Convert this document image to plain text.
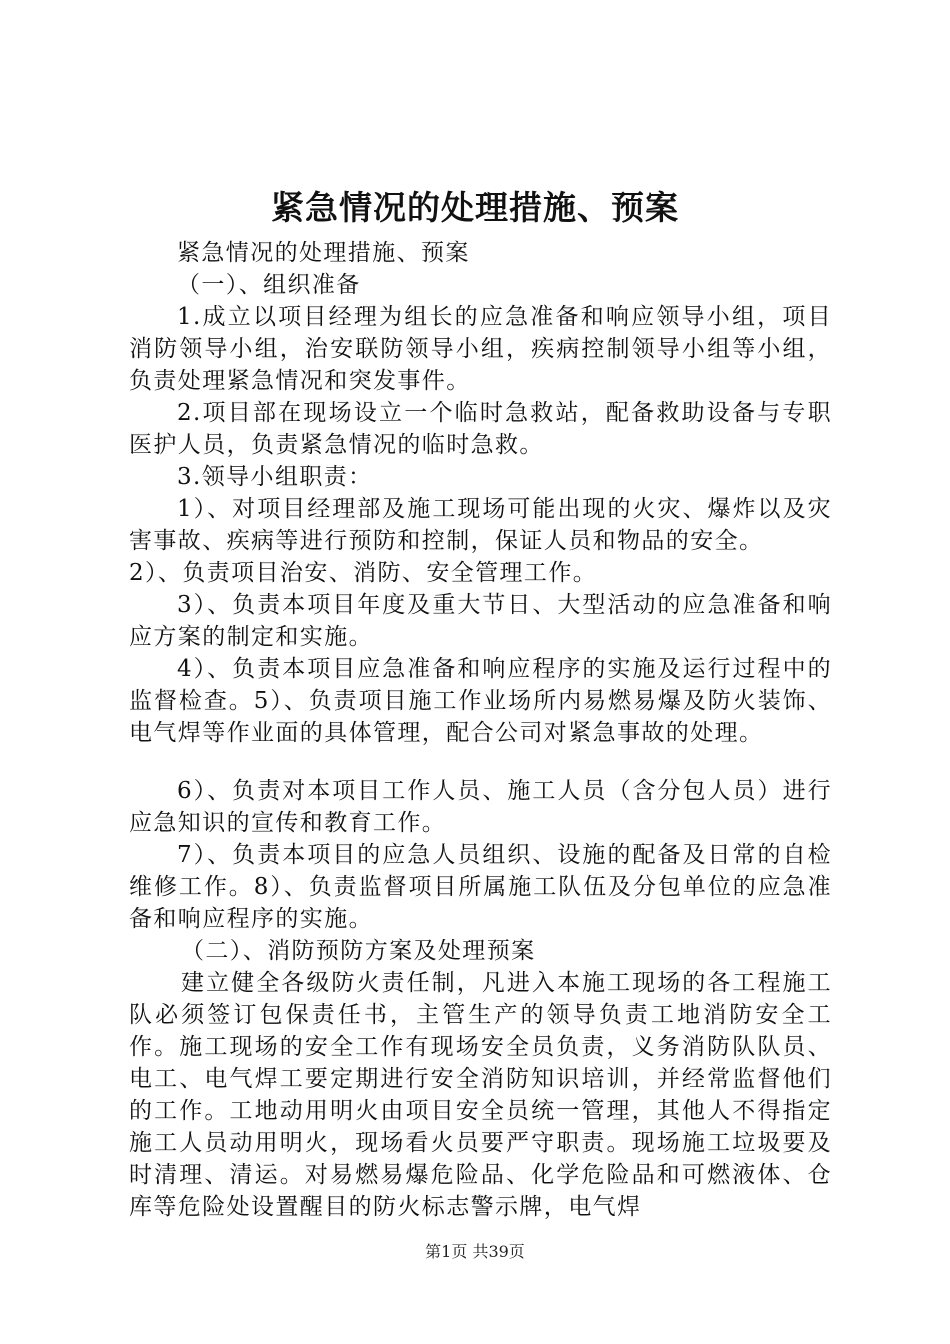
紧急情况的处理措施、预案

紧急情况的处理措施、预案

（一）、组织准备

1.成立以项目经理为组长的应急准备和响应领导小组，项目消防领导小组，治安联防领导小组，疾病控制领导小组等小组，负责处理紧急情况和突发事件。

2.项目部在现场设立一个临时急救站，配备救助设备与专职医护人员，负责紧急情况的临时急救。

3.领导小组职责：

1）、对项目经理部及施工现场可能出现的火灾、爆炸以及灾害事故、疾病等进行预防和控制，保证人员和物品的安全。

2）、负责项目治安、消防、安全管理工作。

3）、负责本项目年度及重大节日、大型活动的应急准备和响应方案的制定和实施。

4）、负责本项目应急准备和响应程序的实施及运行过程中的监督检查。5）、负责项目施工作业场所内易燃易爆及防火装饰、电气焊等作业面的具体管理，配合公司对紧急事故的处理。

6）、负责对本项目工作人员、施工人员（含分包人员）进行应急知识的宣传和教育工作。

7）、负责本项目的应急人员组织、设施的配备及日常的自检维修工作。8）、负责监督项目所属施工队伍及分包单位的应急准备和响应程序的实施。

（二）、消防预防方案及处理预案

建立健全各级防火责任制，凡进入本施工现场的各工程施工队必须签订包保责任书，主管生产的领导负责工地消防安全工作。施工现场的安全工作有现场安全员负责，义务消防队队员、电工、电气焊工要定期进行安全消防知识培训，并经常监督他们的工作。工地动用明火由项目安全员统一管理，其他人不得指定施工人员动用明火，现场看火员要严守职责。现场施工垃圾要及时清理、清运。对易燃易爆危险品、化学危险品和可燃液体、仓库等危险处设置醒目的防火标志警示牌，电气焊

第1页 共39页
